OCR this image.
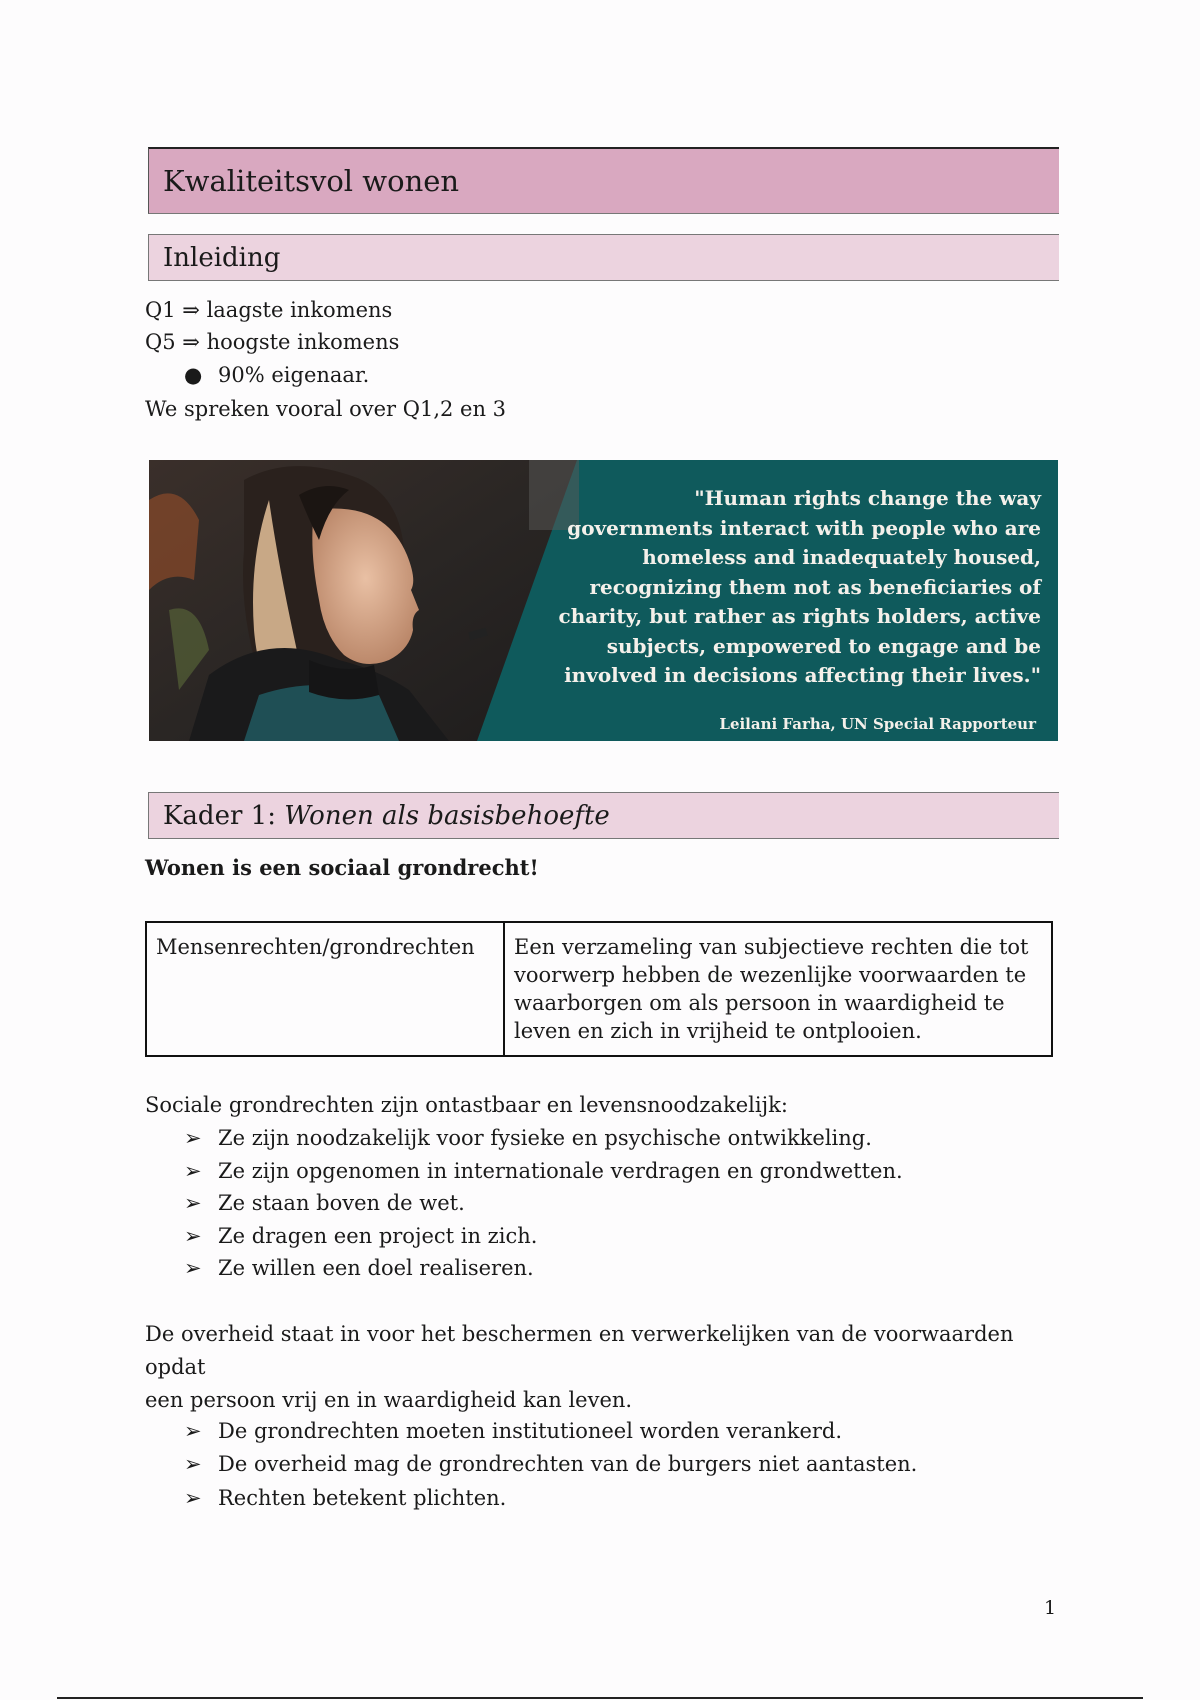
Kwaliteitsvol wonen
Inleiding
Q1 ⇒ laagste inkomens
Q5 ⇒ hoogste inkomens
● 90% eigenaar.
We spreken vooral over Q1,2 en 3
"Human rights change the way
governments interact with people who are
homeless and inadequately housed,
recognizing them not as beneficiaries of
charity, but rather as rights holders, active
subjects, empowered to engage and be
involved in decisions affecting their lives."
Leilani Farha, UN Special Rapporteur
Kader 1: Wonen als basisbehoefte
Wonen is een sociaal grondrecht!
Mensenrechten/grondrechten	Een verzameling van subjectieve rechten die tot
voorwerp hebben de wezenlijke voorwaarden te
waarborgen om als persoon in waardigheid te
leven en zich in vrijheid te ontplooien.
Sociale grondrechten zijn ontastbaar en levensnoodzakelijk:
➢ Ze zijn noodzakelijk voor fysieke en psychische ontwikkeling.
➢ Ze zijn opgenomen in internationale verdragen en grondwetten.
➢ Ze staan boven de wet.
➢ Ze dragen een project in zich.
➢ Ze willen een doel realiseren.
De overheid staat in voor het beschermen en verwerkelijken van de voorwaarden opdat
een persoon vrij en in waardigheid kan leven.
➢ De grondrechten moeten institutioneel worden verankerd.
➢ De overheid mag de grondrechten van de burgers niet aantasten.
➢ Rechten betekent plichten.
1
